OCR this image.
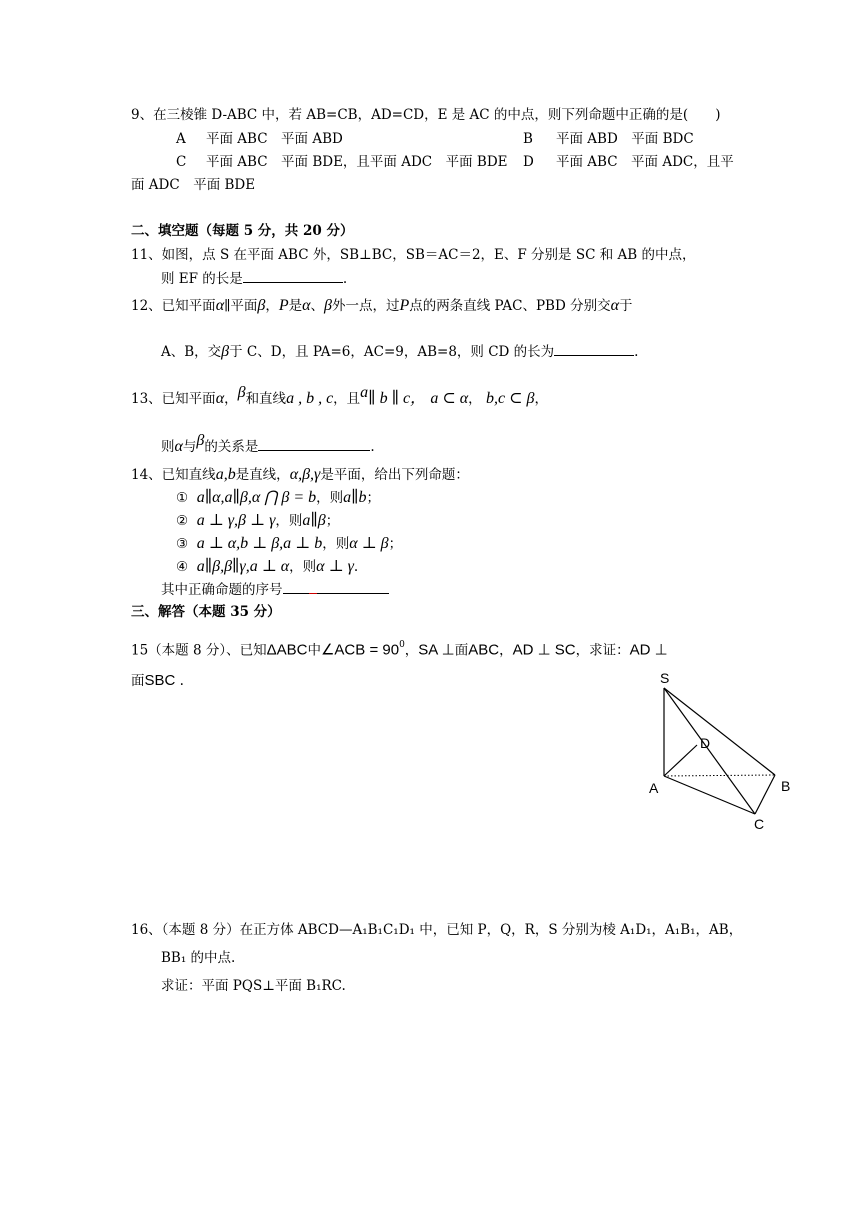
9、在三棱锥 D-ABC 中，若 AB=CB，AD=CD，E 是 AC 的中点，则下列命题中正确的是(　　)
A 平面 ABC　平面 ABD	B 平面 ABD　平面 BDC
C 平面 ABC　平面 BDE，且平面 ADC　平面 BDE D 平面 ABC　平面 ADC，且平
面 ADC　平面 BDE
二、填空题（每题 5 分，共 20 分）
11、如图，点 S 在平面 ABC 外，SB⊥BC，SB＝AC＝2，E、F 分别是 SC 和 AB 的中点，
则 EF 的长是	.
12、已知平面α∥平面β，P是α、β外一点，过P点的两条直线 PAC、PBD 分别交α于
A、B，交β于 C、D，且 PA=6，AC=9，AB=8，则 CD 的长为	.
13、已知平面α，β和直线a , b , c，且a∥ b ∥ c， a ⊂ α， b,c ⊂ β，
则α与β的关系是	.
14、已知直线a,b是直线，α,β,γ是平面，给出下列命题：
① a∥α,a∥β,α ⋂ β = b，则a∥b；
② a ⊥ γ,β ⊥ γ，则a∥β；
③ a ⊥ α,b ⊥ β,a ⊥ b，则α ⊥ β；
④ a∥β,β∥γ,a ⊥ α，则α ⊥ γ.
其中正确命题的序号
三、解答（本题 35 分）
15（本题 8 分）、已知ΔABC中∠ACB = $90^0$，SA ⊥面ABC，AD ⊥ SC，求证：AD ⊥
面SBC .	S
D
A	B
C
16、（本题 8 分）在正方体 ABCD—A₁B₁C₁D₁ 中，已知 P，Q，R，S 分别为棱 A₁D₁，A₁B₁，AB，
BB₁ 的中点.
求证：平面 PQS⊥平面 B₁RC.
